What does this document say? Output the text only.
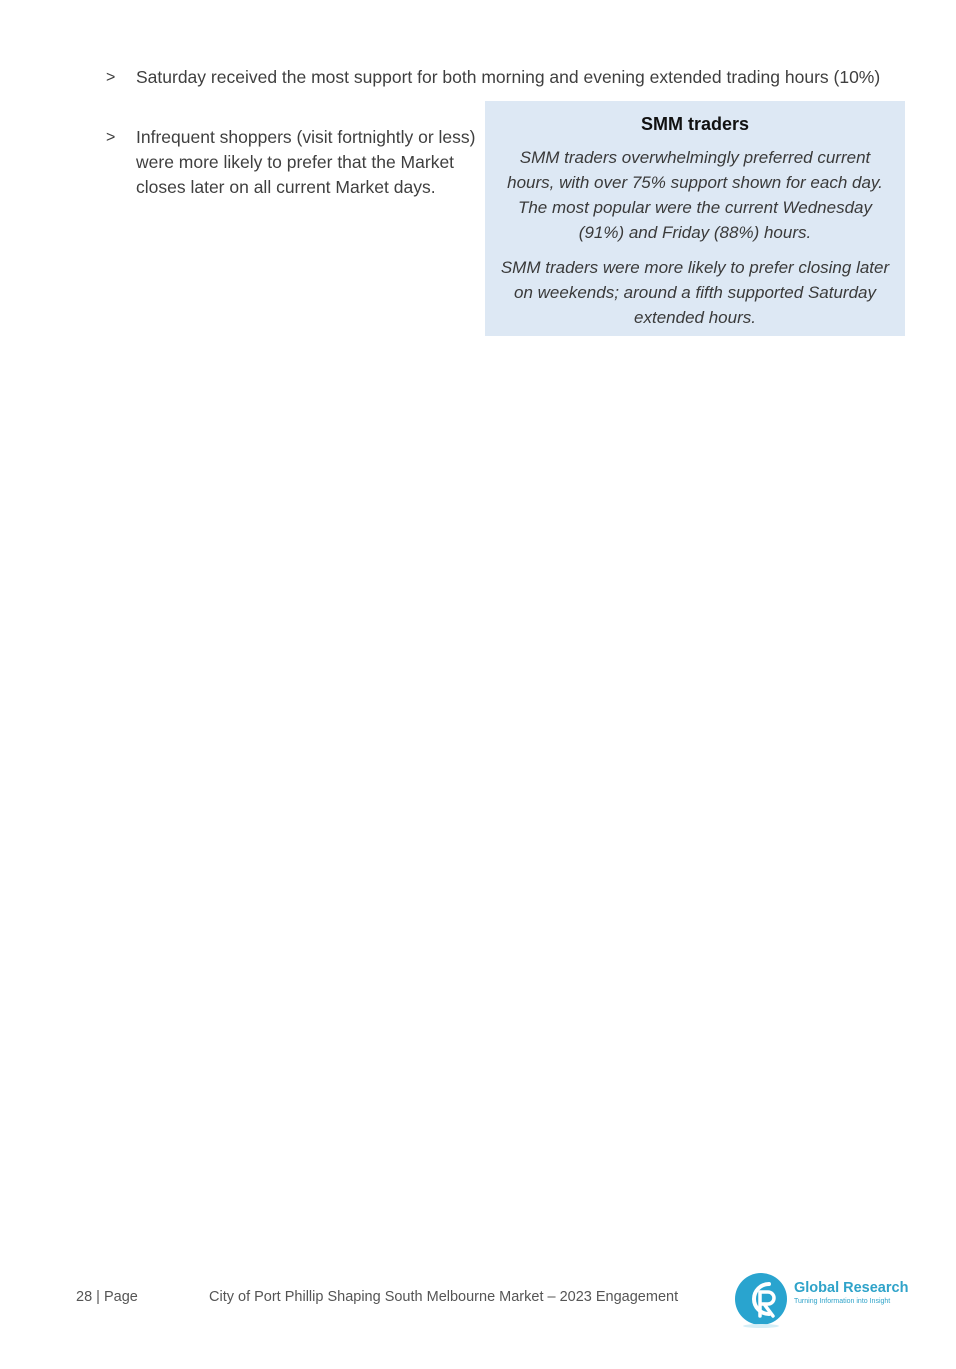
>	Saturday received the most support for both morning and evening extended trading hours (10%)
>	Infrequent shoppers (visit fortnightly or less) were more likely to prefer that the Market closes later on all current Market days.
SMM traders

SMM traders overwhelmingly preferred current hours, with over 75% support shown for each day. The most popular were the current Wednesday (91%) and Friday (88%) hours.

SMM traders were more likely to prefer closing later on weekends; around a fifth supported Saturday extended hours.

28 | Page	City of Port Phillip Shaping South Melbourne Market – 2023 Engagement
Global Research
Turning Information into Insight
